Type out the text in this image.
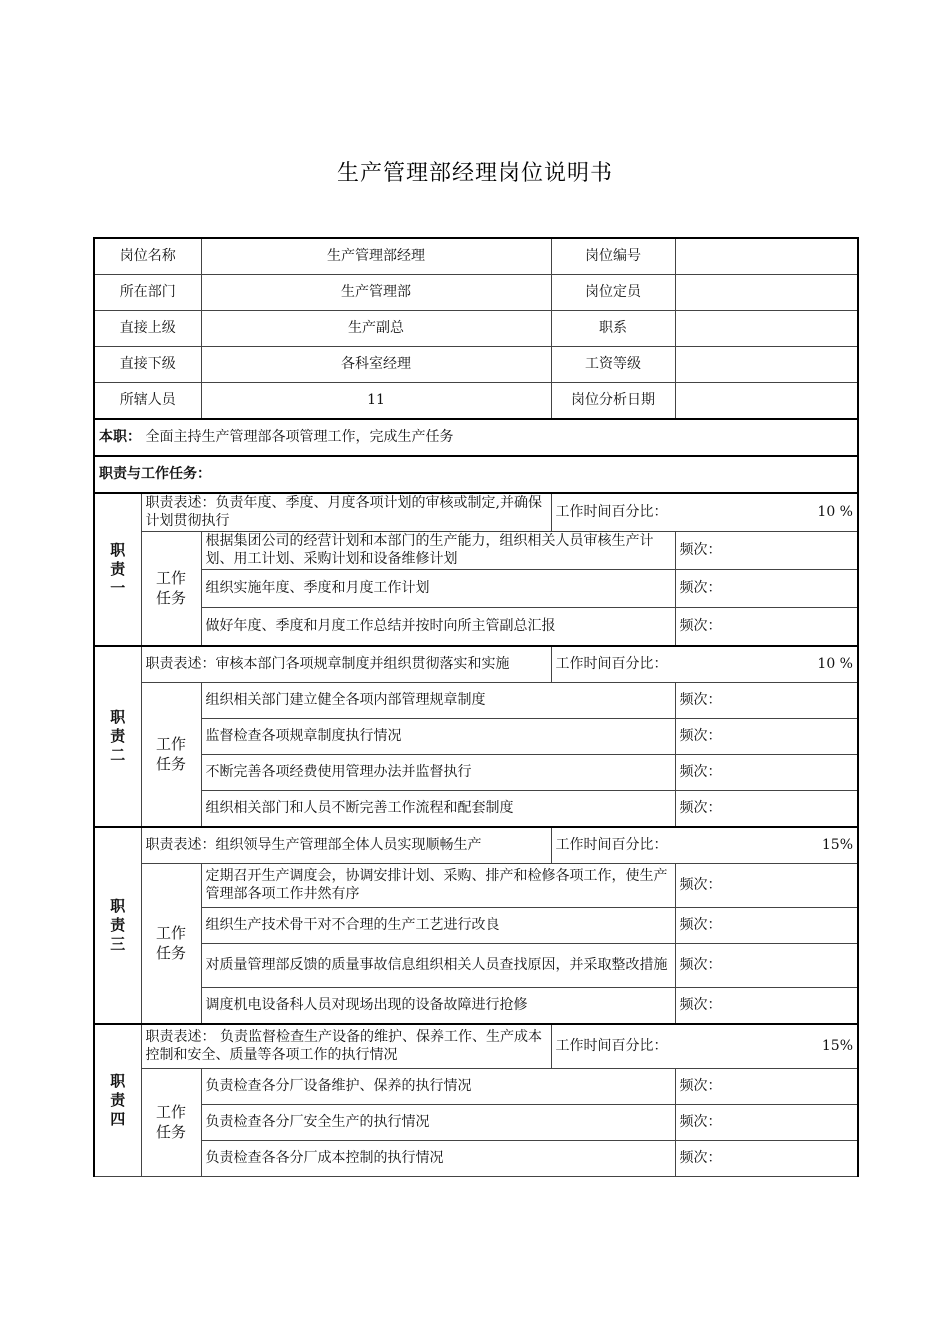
生产管理部经理岗位说明书
岗位名称		生产管理部经理	岗位编号	
所在部门		生产管理部	岗位定员	
直接上级		生产副总	职系	
直接下级		各科室经理	工资等级	
所辖人员		11	岗位分析日期	
本职： 全面主持生产管理部各项管理工作，完成生产任务				
职责与工作任务：				

职
责
一	职责表述：负责年度、季度、月度各项计划的审核或制定,并确保计划贯彻执行		工作时间百分比： 10 %	

	工作
任务	根据集团公司的经营计划和本部门的生产能力，组织相关人员审核生产计划、用工计划、采购计划和设备维修计划		频次：
		组织实施年度、季度和月度工作计划		频次：
		做好年度、季度和月度工作总结并按时向所主管副总汇报		频次：

职
责
二	职责表述：审核本部门各项规章制度并组织贯彻落实和实施		工作时间百分比： 10 %	

	工作
任务	组织相关部门建立健全各项内部管理规章制度		频次：
		监督检查各项规章制度执行情况		频次：
		不断完善各项经费使用管理办法并监督执行		频次：
		组织相关部门和人员不断完善工作流程和配套制度		频次：

职
责
三	职责表述：组织领导生产管理部全体人员实现顺畅生产		工作时间百分比： 15%	

	工作
任务	定期召开生产调度会，协调安排计划、采购、排产和检修各项工作，使生产管理部各项工作井然有序		频次：
		组织生产技术骨干对不合理的生产工艺进行改良		频次：
		对质量管理部反馈的质量事故信息组织相关人员查找原因，并采取整改措施		频次：
		调度机电设备科人员对现场出现的设备故障进行抢修		频次：

职
责
四	职责表述： 负责监督检查生产设备的维护、保养工作、生产成本控制和安全、质量等各项工作的执行情况		工作时间百分比： 15%	

	工作
任务	负责检查各分厂设备维护、保养的执行情况		频次：
		负责检查各分厂安全生产的执行情况		频次：
		负责检查各各分厂成本控制的执行情况		频次：
